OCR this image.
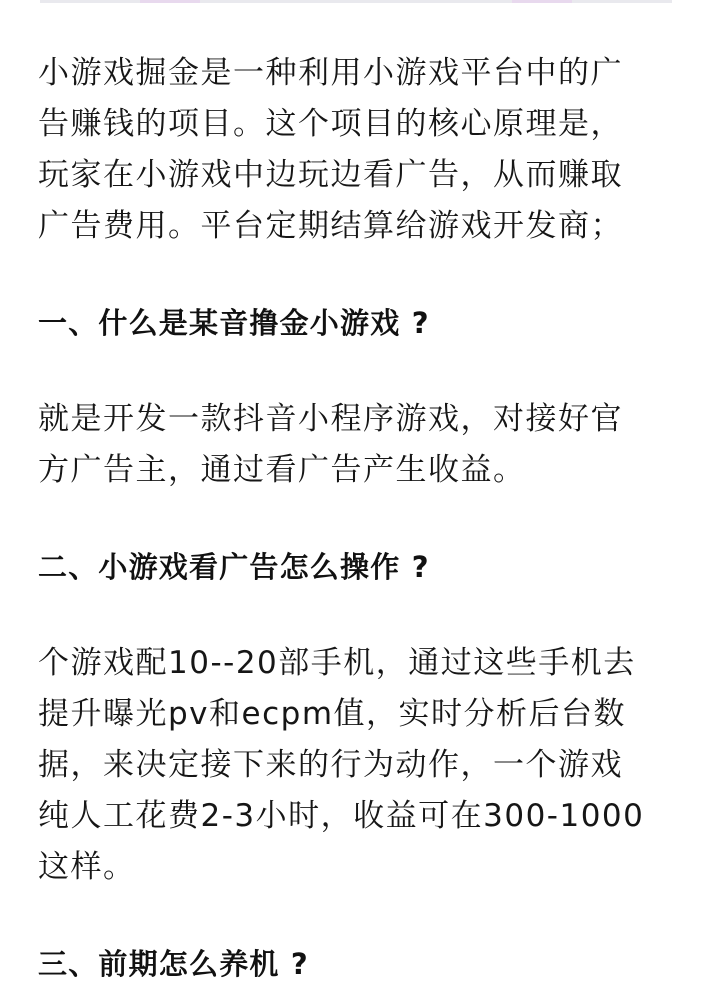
小游戏掘金是一种利用小游戏平台中的广
告赚钱的项目。这个项目的核心原理是，
玩家在小游戏中边玩边看广告，从而赚取
广告费用。平台定期结算给游戏开发商；

一、什么是某音撸金小游戏 ?

就是开发一款抖音小程序游戏，对接好官
方广告主，通过看广告产生收益。

二、小游戏看广告怎么操作 ?

个游戏配10--20部手机，通过这些手机去
提升曝光pv和ecpm值，实时分析后台数
据，来决定接下来的行为动作，一个游戏
纯人工花费2-3小时，收益可在300-1000
这样。

三、前期怎么养机 ?
